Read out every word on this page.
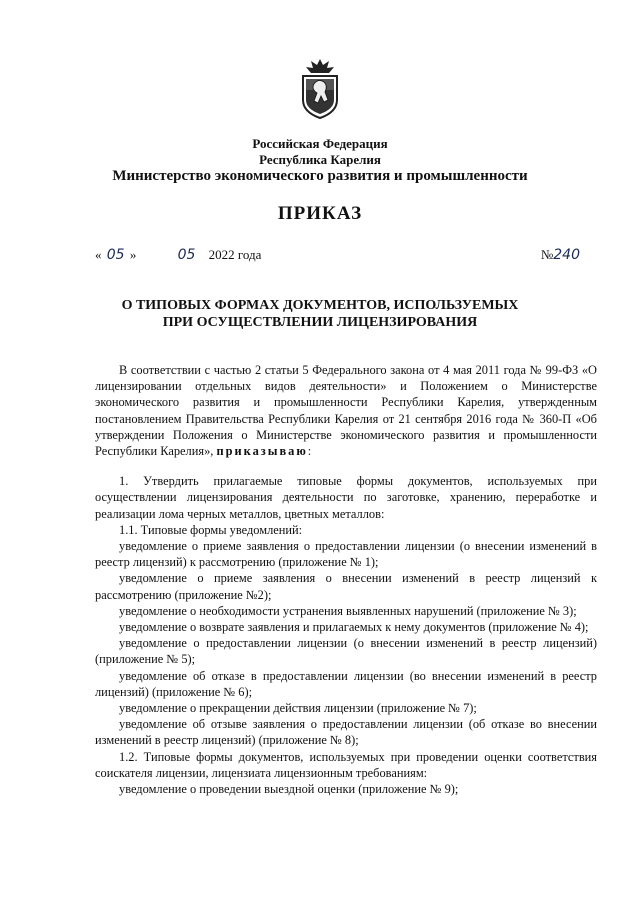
Российская Федерация
Республика Карелия
Министерство экономического развития и промышленности
ПРИКАЗ
« 05 »	05 2022 года	№240
О ТИПОВЫХ ФОРМАХ ДОКУМЕНТОВ, ИСПОЛЬЗУЕМЫХ
ПРИ ОСУЩЕСТВЛЕНИИ ЛИЦЕНЗИРОВАНИЯ

В соответствии с частью 2 статьи 5 Федерального закона от 4 мая 2011 года № 99-ФЗ «О лицензировании отдельных видов деятельности» и Положением о Министерстве экономического развития и промышленности Республики Карелия, утвержденным постановлением Правительства Республики Карелия от 21 сентября 2016 года № 360-П «Об утверждении Положения о Министерстве экономического развития и промышленности Республики Карелия», приказываю:

1. Утвердить прилагаемые типовые формы документов, используемых при осуществлении лицензирования деятельности по заготовке, хранению, переработке и реализации лома черных металлов, цветных металлов:

1.1. Типовые формы уведомлений:

уведомление о приеме заявления о предоставлении лицензии (о внесении изменений в реестр лицензий) к рассмотрению (приложение № 1);

уведомление о приеме заявления о внесении изменений в реестр лицензий к рассмотрению (приложение №2);

уведомление о необходимости устранения выявленных нарушений (приложение № 3);

уведомление о возврате заявления и прилагаемых к нему документов (приложение № 4);

уведомление о предоставлении лицензии (о внесении изменений в реестр лицензий) (приложение № 5);

уведомление об отказе в предоставлении лицензии (во внесении изменений в реестр лицензий) (приложение № 6);

уведомление о прекращении действия лицензии (приложение № 7);

уведомление об отзыве заявления о предоставлении лицензии (об отказе во внесении изменений в реестр лицензий) (приложение № 8);

1.2. Типовые формы документов, используемых при проведении оценки соответствия соискателя лицензии, лицензиата лицензионным требованиям:

уведомление о проведении выездной оценки (приложение № 9);
